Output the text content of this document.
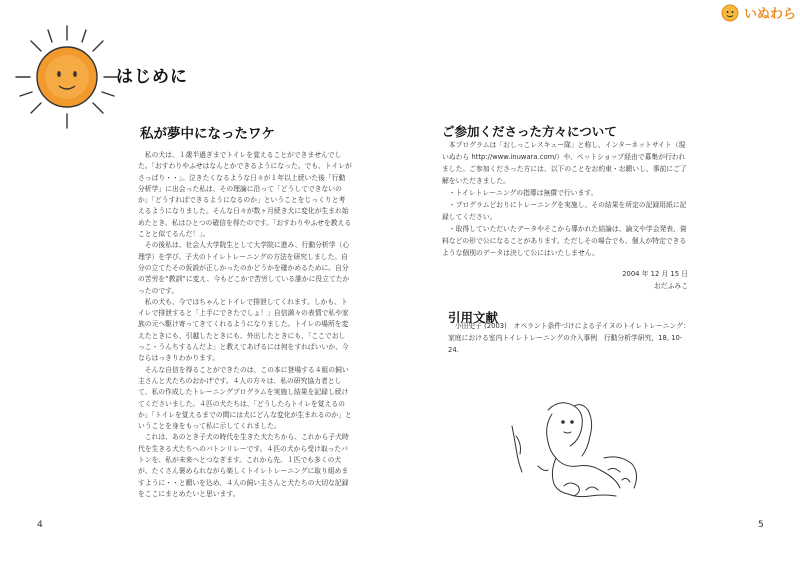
いぬわら
はじめに
私が夢中になったワケ

私の犬は、１歳半過ぎまでトイレを覚えることができませんでした。「おすわりやふせはなんとかできるようになった。でも、トイレがさっぱり・・」。泣きたくなるような日々が１年以上続いた後「行動分析学」に出会った私は、その理論に沿って「どうしてできないのか」「どうすればできるようになるのか」ということをじっくりと考えるようになりました。そんな日々が数ヶ月続き犬に変化が生まれ始めたとき、私はひとつの確信を得たのです。「おすわりやふせを教えることと似てるんだ！」。

その後私は、社会人大学院生として大学院に進み、行動分析学（心理学）を学び、子犬のトイレトレーニングの方法を研究しました。自分の立てたその仮説が正しかったのかどうかを確かめるために。自分の苦労を“教訓”に変え、今もどこかで苦労している誰かに役立てたかったのです。

私の犬も、今ではちゃんとトイレで排泄してくれます。しかも、トイレで排泄すると「上手にできたでしょ！」自信満々の表情で私や家族の元へ駆け寄ってきてくれるようになりました。トイレの場所を変えたときにも、引越したときにも、外出したときにも、「ここでおしっこ・うんちするんだよ」と教えてあげるには何をすればいいか、今ならはっきりわかります。

そんな自信を得ることができたのは、この本に登場する４組の飼い主さんと犬たちのおかげです。４人の方々は、私の研究協力者として、私の作成したトレーニングプログラムを実施し結果を記録し続けてくださいました。４匹の犬たちは、「どうしたらトイレを覚えるのか」「トイレを覚えるまでの間には犬にどんな変化が生まれるのか」ということを身をもって私に示してくれました。

これは、あのとき子犬の時代を生きた犬たちから、これから子犬時代を生きる犬たちへのバトンリレーです。４匹の犬から受け取ったバトンを、私が未来へとつなぎます。これから先、１匹でも多くの犬が、たくさん褒められながら楽しくトイレトレーニングに取り組めますように・・と願いを込め、４人の飼い主さんと犬たちの大切な記録をここにまとめたいと思います。

ご参加くださった方々について

本プログラムは「おしっこレスキュー隊」と称し、インターネットサイト（現　いぬわら http://www.inuwara.com/）や、ペットショップ経由で募集が行われました。ご参加くださった方には、以下のことをお約束・お願いし、事前にご了解をいただきました。

・トイレトレーニングの指導は無償で行います。

・プログラムどおりにトレーニングを実施し、その結果を所定の記録用紙に記録してください。

・取得していただいたデータやそこから導かれた結論は、論文や学会発表、資料などの形で公になることがあります。ただしその場合でも、個人が特定できるような個別のデータは決して公にはいたしません。

2004 年 12 月 15 日
おだふみこ
引用文献

小田史子 (2003)　オペラント条件づけによる子イヌのトイレトレーニング：家庭における室内トイレトレーニングの介入事例　行動分析学研究，18, 10-24.

4	5
